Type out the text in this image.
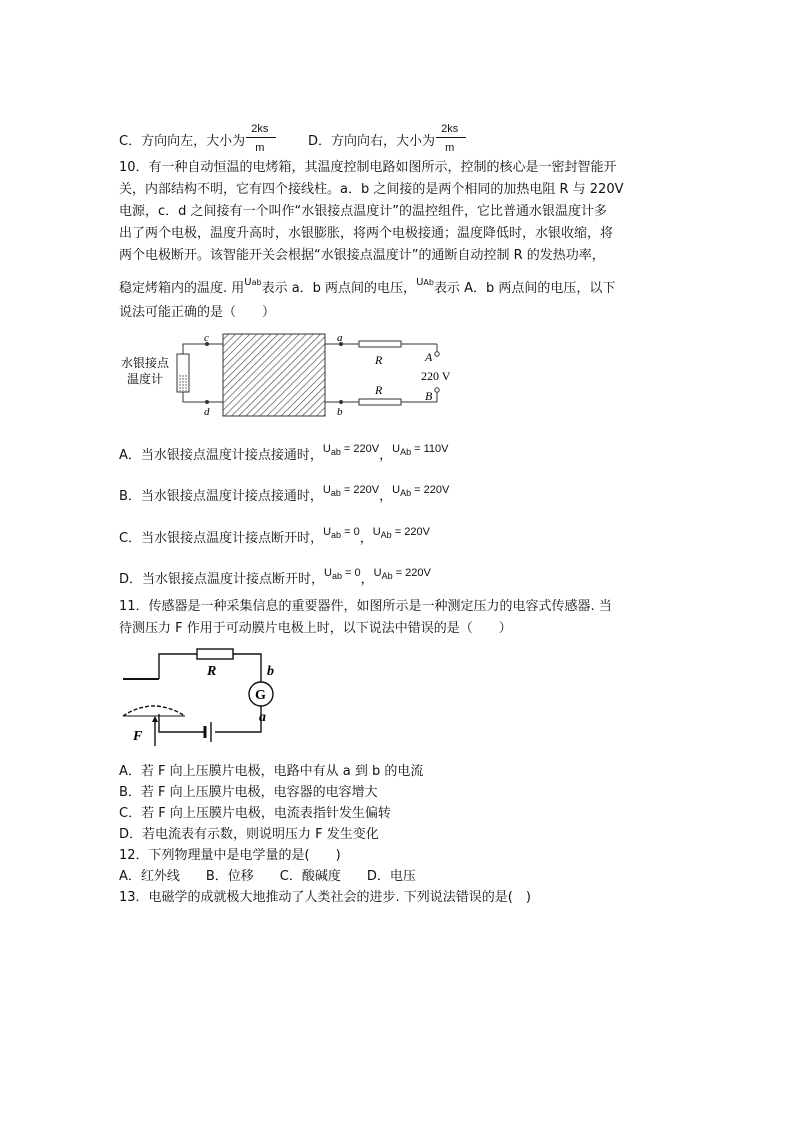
C．方向向左，大小为
$\frac{2ks}{m}$
D．方向向右，大小为
$\frac{2ks}{m}$
10．有一种自动恒温的电烤箱，其温度控制电路如图所示，控制的核心是一密封智能开
关，内部结构不明，它有四个接线柱。a．b 之间接的是两个相同的加热电阻 R 与 220V
电源，c．d 之间接有一个叫作“水银接点温度计”的温控组件，它比普通水银温度计多
出了两个电极，温度升高时，水银膨胀，将两个电极接通；温度降低时，水银收缩，将
两个电极断开。该智能开关会根据“水银接点温度计”的通断自动控制 R 的发热功率，
稳定烤箱内的温度. 用$^{Uab}$表示 a．b 两点间的电压，$^{UAb}$表示 A．b 两点间的电压，以下
说法可能正确的是（　　）
水银接点
温度计
c
d
a
b
R
R
A
B
220 V
A．当水银接点温度计接点接通时，$^{U_{ab} = 220V}$，$^{U_{Ab} = 110V}$
B．当水银接点温度计接点接通时，$^{U_{ab} = 220V}$，$^{U_{Ab} = 220V}$
C．当水银接点温度计接点断开时，$^{U_{ab} = 0}$，$^{U_{Ab} = 220V}$
D．当水银接点温度计接点断开时，$^{U_{ab} = 0}$，$^{U_{Ab} = 220V}$
11．传感器是一种采集信息的重要器件，如图所示是一种测定压力的电容式传感器. 当
待测压力 F 作用于可动膜片电极上时，以下说法中错误的是（　　）
G
b
R
a
F
A．若 F 向上压膜片电极，电路中有从 a 到 b 的电流
B．若 F 向上压膜片电极，电容器的电容增大
C．若 F 向上压膜片电极，电流表指针发生偏转
D．若电流表有示数，则说明压力 F 发生变化
12．下列物理量中是电学量的是(　　)
A．红外线　　B．位移　　C．酸碱度　　D．电压
13．电磁学的成就极大地推动了人类社会的进步. 下列说法错误的是(　)
